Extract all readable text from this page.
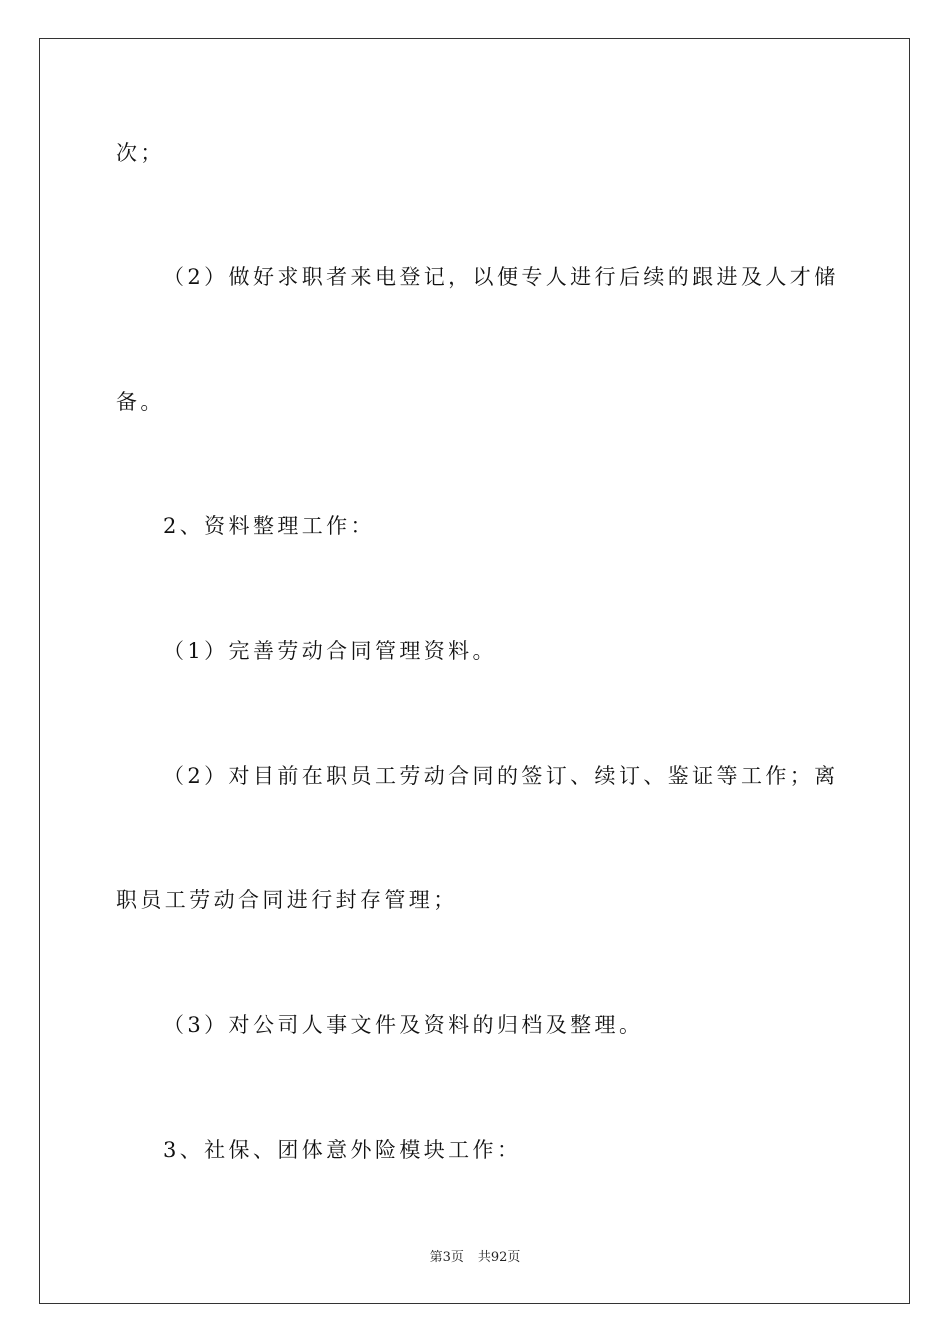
次；

（2）做好求职者来电登记，以便专人进行后续的跟进及人才储

备。

2、资料整理工作：

（1）完善劳动合同管理资料。

（2）对目前在职员工劳动合同的签订、续订、鉴证等工作；离

职员工劳动合同进行封存管理；

（3）对公司人事文件及资料的归档及整理。

3、社保、团体意外险模块工作：

第3页 共92页
